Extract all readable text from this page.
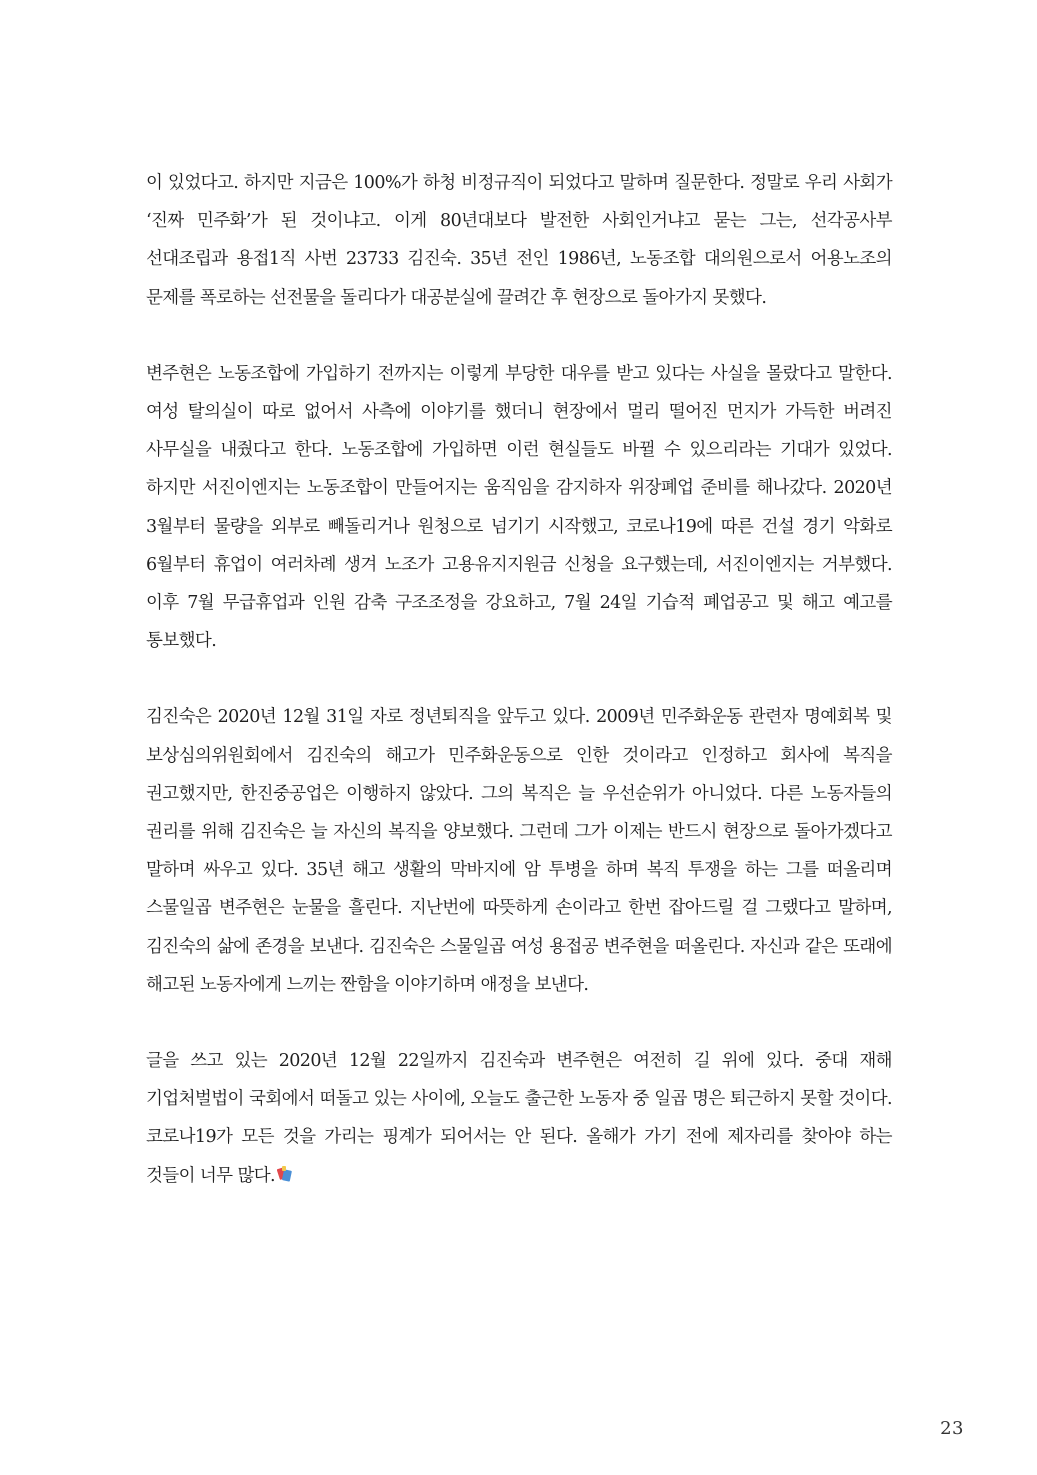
이 있었다고. 하지만 지금은 100%가 하청 비정규직이 되었다고 말하며 질문한다. 정말로 우리 사회가 ‘진짜 민주화’가 된 것이냐고. 이게 80년대보다 발전한 사회인거냐고 묻는 그는, 선각공사부 선대조립과 용접1직 사번 23733 김진숙. 35년 전인 1986년, 노동조합 대의원으로서 어용노조의 문제를 폭로하는 선전물을 돌리다가 대공분실에 끌려간 후 현장으로 돌아가지 못했다.

변주현은 노동조합에 가입하기 전까지는 이렇게 부당한 대우를 받고 있다는 사실을 몰랐다고 말한다. 여성 탈의실이 따로 없어서 사측에 이야기를 했더니 현장에서 멀리 떨어진 먼지가 가득한 버려진 사무실을 내줬다고 한다. 노동조합에 가입하면 이런 현실들도 바뀔 수 있으리라는 기대가 있었다. 하지만 서진이엔지는 노동조합이 만들어지는 움직임을 감지하자 위장폐업 준비를 해나갔다. 2020년 3월부터 물량을 외부로 빼돌리거나 원청으로 넘기기 시작했고, 코로나19에 따른 건설 경기 악화로 6월부터 휴업이 여러차례 생겨 노조가 고용유지지원금 신청을 요구했는데, 서진이엔지는 거부했다. 이후 7월 무급휴업과 인원 감축 구조조정을 강요하고, 7월 24일 기습적 폐업공고 및 해고 예고를 통보했다.

김진숙은 2020년 12월 31일 자로 정년퇴직을 앞두고 있다. 2009년 민주화운동 관련자 명예회복 및 보상심의위원회에서 김진숙의 해고가 민주화운동으로 인한 것이라고 인정하고 회사에 복직을 권고했지만, 한진중공업은 이행하지 않았다. 그의 복직은 늘 우선순위가 아니었다. 다른 노동자들의 권리를 위해 김진숙은 늘 자신의 복직을 양보했다. 그런데 그가 이제는 반드시 현장으로 돌아가겠다고 말하며 싸우고 있다. 35년 해고 생활의 막바지에 암 투병을 하며 복직 투쟁을 하는 그를 떠올리며 스물일곱 변주현은 눈물을 흘린다. 지난번에 따뜻하게 손이라고 한번 잡아드릴 걸 그랬다고 말하며, 김진숙의 삶에 존경을 보낸다. 김진숙은 스물일곱 여성 용접공 변주현을 떠올린다. 자신과 같은 또래에 해고된 노동자에게 느끼는 짠함을 이야기하며 애정을 보낸다.

글을 쓰고 있는 2020년 12월 22일까지 김진숙과 변주현은 여전히 길 위에 있다. 중대 재해 기업처벌법이 국회에서 떠돌고 있는 사이에, 오늘도 출근한 노동자 중 일곱 명은 퇴근하지 못할 것이다. 코로나19가 모든 것을 가리는 핑계가 되어서는 안 된다. 올해가 가기 전에 제자리를 찾아야 하는 것들이 너무 많다.

23
